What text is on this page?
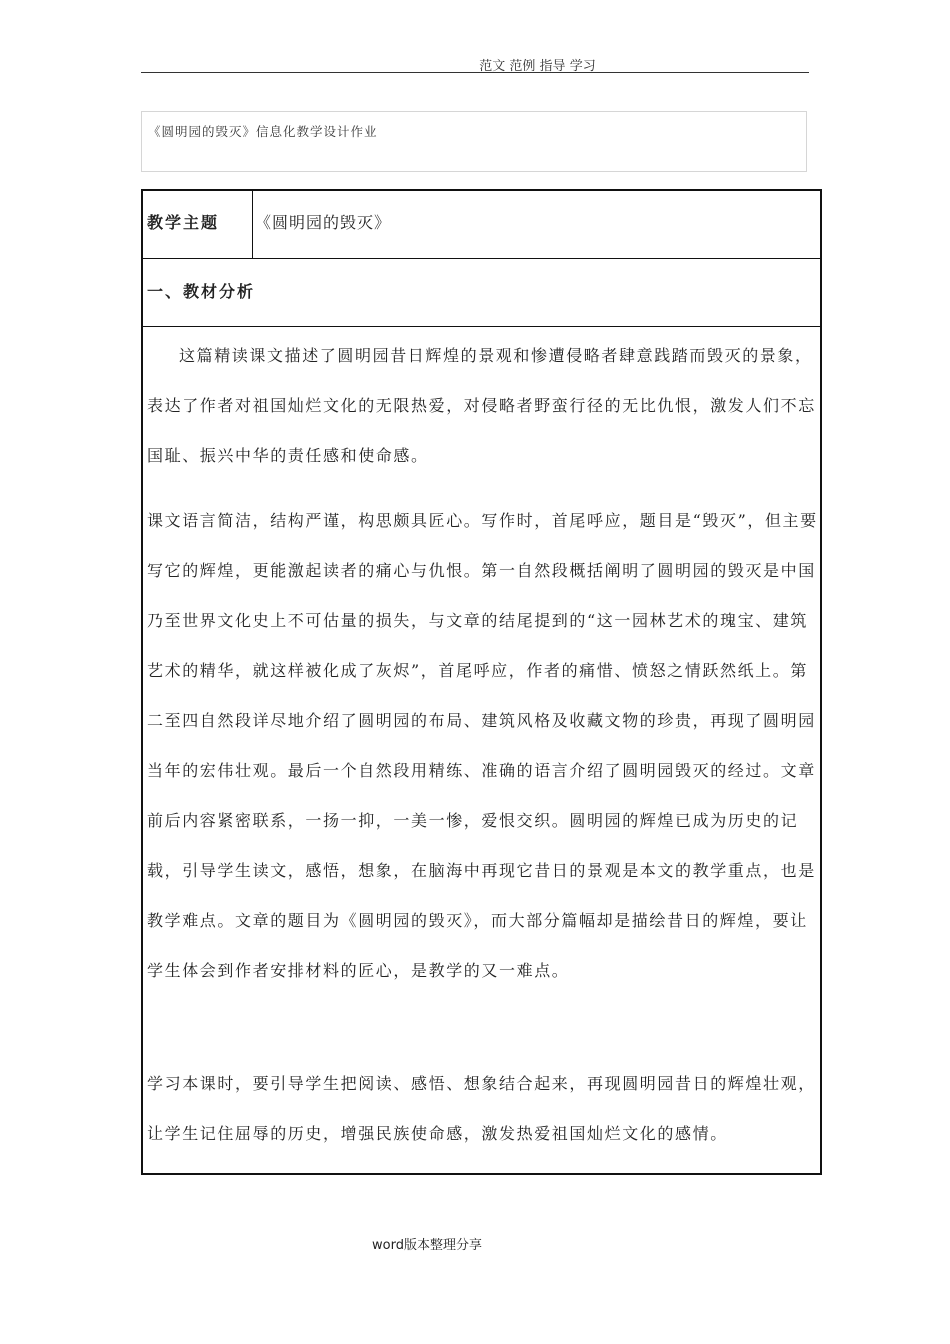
范文 范例 指导 学习
《圆明园的毁灭》信息化教学设计作业
教学主题 《圆明园的毁灭》
一、教材分析

这篇精读课文描述了圆明园昔日辉煌的景观和惨遭侵略者肆意践踏而毁灭的景象，表达了作者对祖国灿烂文化的无限热爱，对侵略者野蛮行径的无比仇恨，激发人们不忘国耻、振兴中华的责任感和使命感。

课文语言简洁，结构严谨，构思颇具匠心。写作时，首尾呼应，题目是“毁灭”，但主要写它的辉煌，更能激起读者的痛心与仇恨。第一自然段概括阐明了圆明园的毁灭是中国乃至世界文化史上不可估量的损失，与文章的结尾提到的“这一园林艺术的瑰宝、建筑艺术的精华，就这样被化成了灰烬”，首尾呼应，作者的痛惜、愤怒之情跃然纸上。第二至四自然段详尽地介绍了圆明园的布局、建筑风格及收藏文物的珍贵，再现了圆明园当年的宏伟壮观。最后一个自然段用精练、准确的语言介绍了圆明园毁灭的经过。文章前后内容紧密联系，一扬一抑，一美一惨，爱恨交织。圆明园的辉煌已成为历史的记载，引导学生读文，感悟，想象，在脑海中再现它昔日的景观是本文的教学重点，也是教学难点。文章的题目为《圆明园的毁灭》，而大部分篇幅却是描绘昔日的辉煌，要让学生体会到作者安排材料的匠心，是教学的又一难点。

学习本课时，要引导学生把阅读、感悟、想象结合起来，再现圆明园昔日的辉煌壮观，让学生记住屈辱的历史，增强民族使命感，激发热爱祖国灿烂文化的感情。

word版本整理分享
